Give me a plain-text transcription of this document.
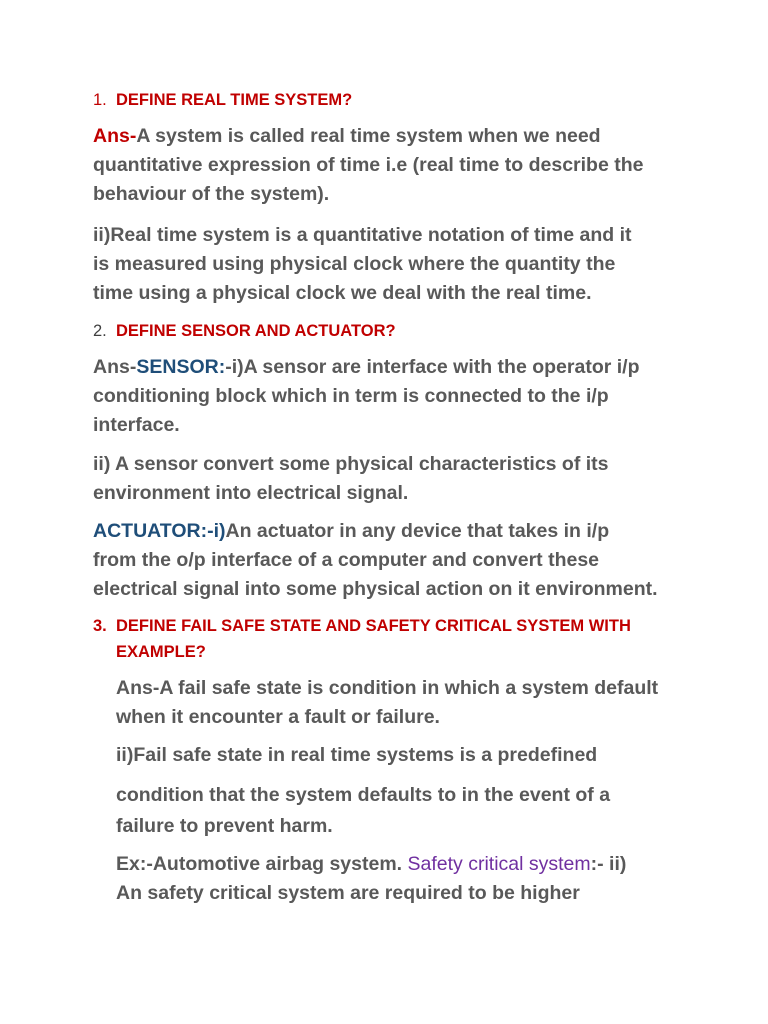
1. DEFINE REAL TIME SYSTEM?
Ans-A system is called real time system when we need
quantitative expression of time i.e (real time to describe the
behaviour of the system).
ii)Real time system is a quantitative notation of time and it
is measured using physical clock where the quantity the
time using a physical clock we deal with the real time.
2. DEFINE SENSOR AND ACTUATOR?
Ans-SENSOR:-i)A sensor are interface with the operator i/p
conditioning block which in term is connected to the i/p
interface.
ii) A sensor convert some physical characteristics of its
environment into electrical signal.
ACTUATOR:-i)An actuator in any device that takes in i/p
from the o/p interface of a computer and convert these
electrical signal into some physical action on it environment.
3. DEFINE FAIL SAFE STATE AND SAFETY CRITICAL SYSTEM WITH
EXAMPLE?
Ans-A fail safe state is condition in which a system default
when it encounter a fault or failure.
ii)Fail safe state in real time systems is a predefined
condition that the system defaults to in the event of a
failure to prevent harm.
Ex:-Automotive airbag system. Safety critical system:- ii)
An safety critical system are required to be higher
